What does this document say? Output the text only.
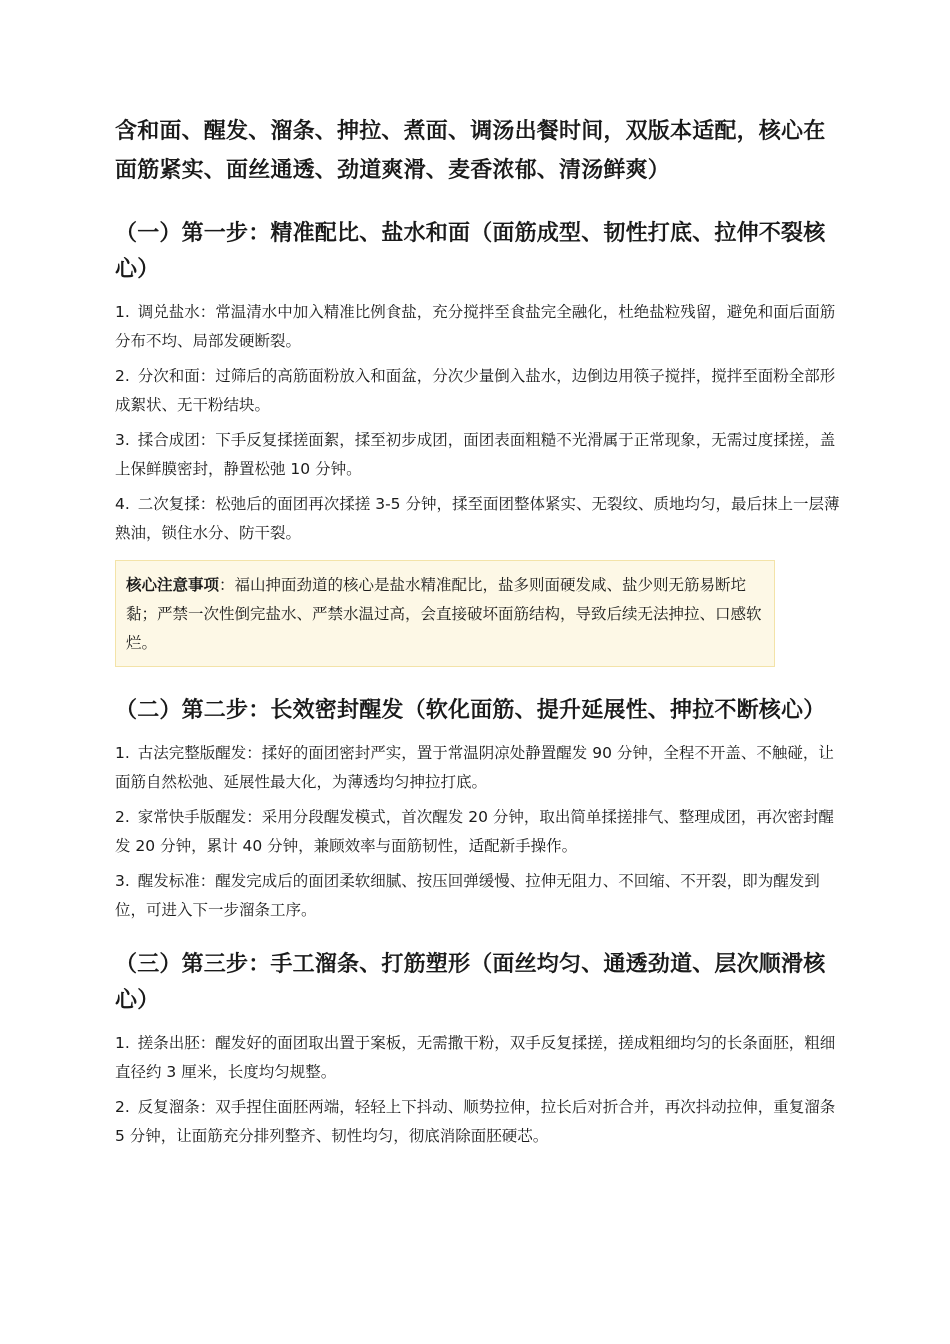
含和面、醒发、溜条、抻拉、煮面、调汤出餐时间，双版本适配，核心在面筋紧实、面丝通透、劲道爽滑、麦香浓郁、清汤鲜爽）
（一）第一步：精准配比、盐水和面（面筋成型、韧性打底、拉伸不裂核心）
1. 调兑盐水：常温清水中加入精准比例食盐，充分搅拌至食盐完全融化，杜绝盐粒残留，避免和面后面筋分布不均、局部发硬断裂。
2. 分次和面：过筛后的高筋面粉放入和面盆，分次少量倒入盐水，边倒边用筷子搅拌，搅拌至面粉全部形成絮状、无干粉结块。
3. 揉合成团：下手反复揉搓面絮，揉至初步成团，面团表面粗糙不光滑属于正常现象，无需过度揉搓，盖上保鲜膜密封，静置松弛 10 分钟。
4. 二次复揉：松弛后的面团再次揉搓 3-5 分钟，揉至面团整体紧实、无裂纹、质地均匀，最后抹上一层薄熟油，锁住水分、防干裂。
核心注意事项：福山抻面劲道的核心是盐水精准配比，盐多则面硬发咸、盐少则无筋易断坨黏；严禁一次性倒完盐水、严禁水温过高，会直接破坏面筋结构，导致后续无法抻拉、口感软烂。
（二）第二步：长效密封醒发（软化面筋、提升延展性、抻拉不断核心）
1. 古法完整版醒发：揉好的面团密封严实，置于常温阴凉处静置醒发 90 分钟，全程不开盖、不触碰，让面筋自然松弛、延展性最大化，为薄透均匀抻拉打底。
2. 家常快手版醒发：采用分段醒发模式，首次醒发 20 分钟，取出简单揉搓排气、整理成团，再次密封醒发 20 分钟，累计 40 分钟，兼顾效率与面筋韧性，适配新手操作。
3. 醒发标准：醒发完成后的面团柔软细腻、按压回弹缓慢、拉伸无阻力、不回缩、不开裂，即为醒发到位，可进入下一步溜条工序。
（三）第三步：手工溜条、打筋塑形（面丝均匀、通透劲道、层次顺滑核心）
1. 搓条出胚：醒发好的面团取出置于案板，无需撒干粉，双手反复揉搓，搓成粗细均匀的长条面胚，粗细直径约 3 厘米，长度均匀规整。
2. 反复溜条：双手捏住面胚两端，轻轻上下抖动、顺势拉伸，拉长后对折合并，再次抖动拉伸，重复溜条 5 分钟，让面筋充分排列整齐、韧性均匀，彻底消除面胚硬芯。
